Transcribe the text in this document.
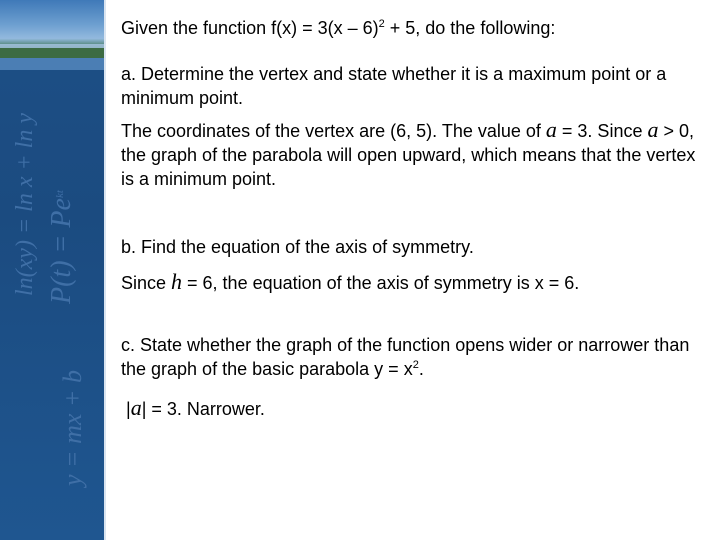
ln(xy) = ln x + ln y $P(t) = Pe^{kt}$
y = mx + b

Given the function f(x) = 3(x – 6)$^2$ + 5, do the following:

a. Determine the vertex and state whether it is a maximum point or a minimum point.

The coordinates of the vertex are (6, 5). The value of a = 3. Since a > 0, the graph of the parabola will open upward, which means that the vertex is a minimum point.

b. Find the equation of the axis of symmetry.

Since h = 6, the equation of the axis of symmetry is x = 6.

c. State whether the graph of the function opens wider or narrower than the graph of the basic parabola $y = x^2$.

|a| = 3. Narrower.
